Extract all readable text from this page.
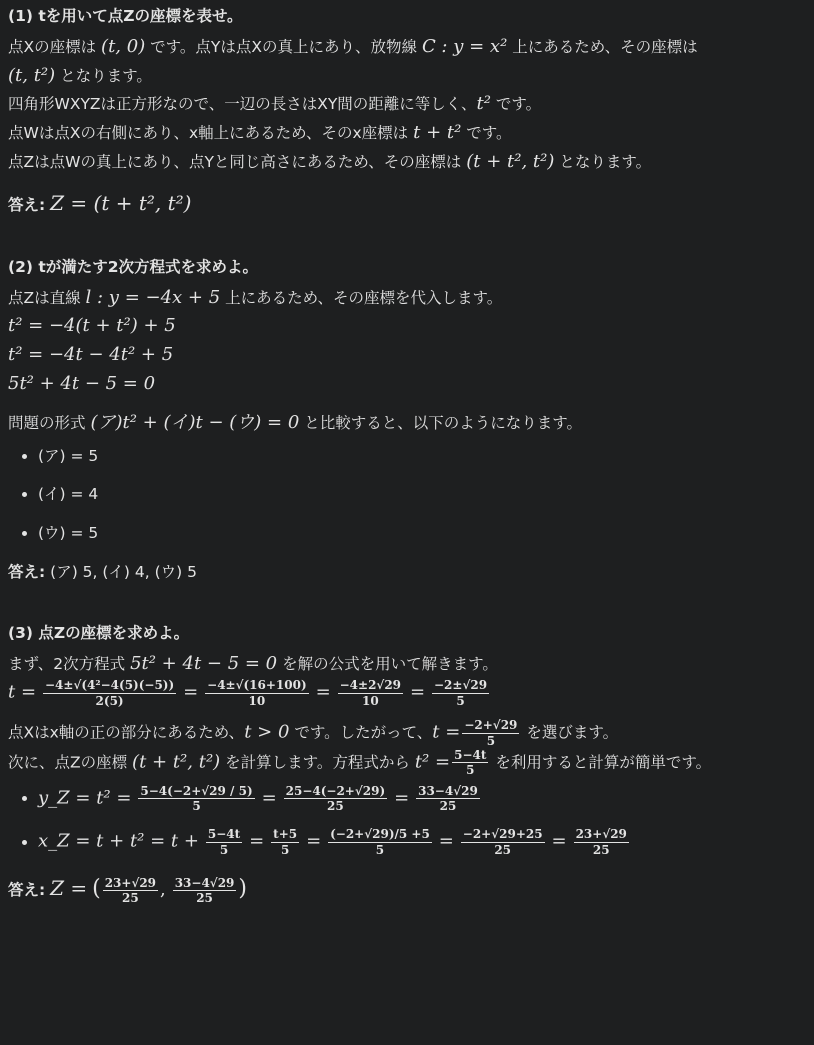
(1) tを用いて点Zの座標を表せ。
点Xの座標は (t, 0) です。点Yは点Xの真上にあり、放物線 C : y = x² 上にあるため、その座標は
(t, t²) となります。
四角形WXYZは正方形なので、一辺の長さはXY間の距離に等しく、t² です。
点Wは点Xの右側にあり、x軸上にあるため、そのx座標は t + t² です。
点Zは点Wの真上にあり、点Yと同じ高さにあるため、その座標は (t + t², t²) となります。
答え: Z = (t + t², t²)
(2) tが満たす2次方程式を求めよ。
点Zは直線 l : y = −4x + 5 上にあるため、その座標を代入します。
t² = −4(t + t²) + 5
t² = −4t − 4t² + 5
5t² + 4t − 5 = 0
問題の形式 (ア)t² + (イ)t − (ウ) = 0 と比較すると、以下のようになります。
• (ア) = 5
• (イ) = 4
• (ウ) = 5
答え: (ア) 5, (イ) 4, (ウ) 5
(3) 点Zの座標を求めよ。
まず、2次方程式 5t² + 4t − 5 = 0 を解の公式を用いて解きます。
$t = \frac{\text{−4±√(4²−4(5)(−5))}}{2(5)} = \frac{-4\pm√(16+100)}{10} = \frac{-4\pm 2√29}{10} = \frac{-2\pm√29}{5}$
点Xはx軸の正の部分にあるため、t > 0 です。したがって、$t = \frac{-2+√29}{5}$ を選びます。
次に、点Zの座標 (t + t², t²) を計算します。方程式から $t^2 = \frac{5-4t}{5}$ を利用すると計算が簡単です。
• y_Z = $t^2 = \frac{5-4(-2+√29 / 5)}{5} = \frac{25-4(-2+√29)}{25} = \frac{33-4√29}{25}$
• x_Z = $t + t^2 = t + \frac{5-4t}{5} = \frac{t+5}{5} = \frac{(-2+√29)/5 +5}{5} = \frac{-2+√29+25}{25} = \frac{23+√29}{25}$
答え: Z = ( $\frac{23+√29}{25}$ , $\frac{33-4√29}{25}$ )
